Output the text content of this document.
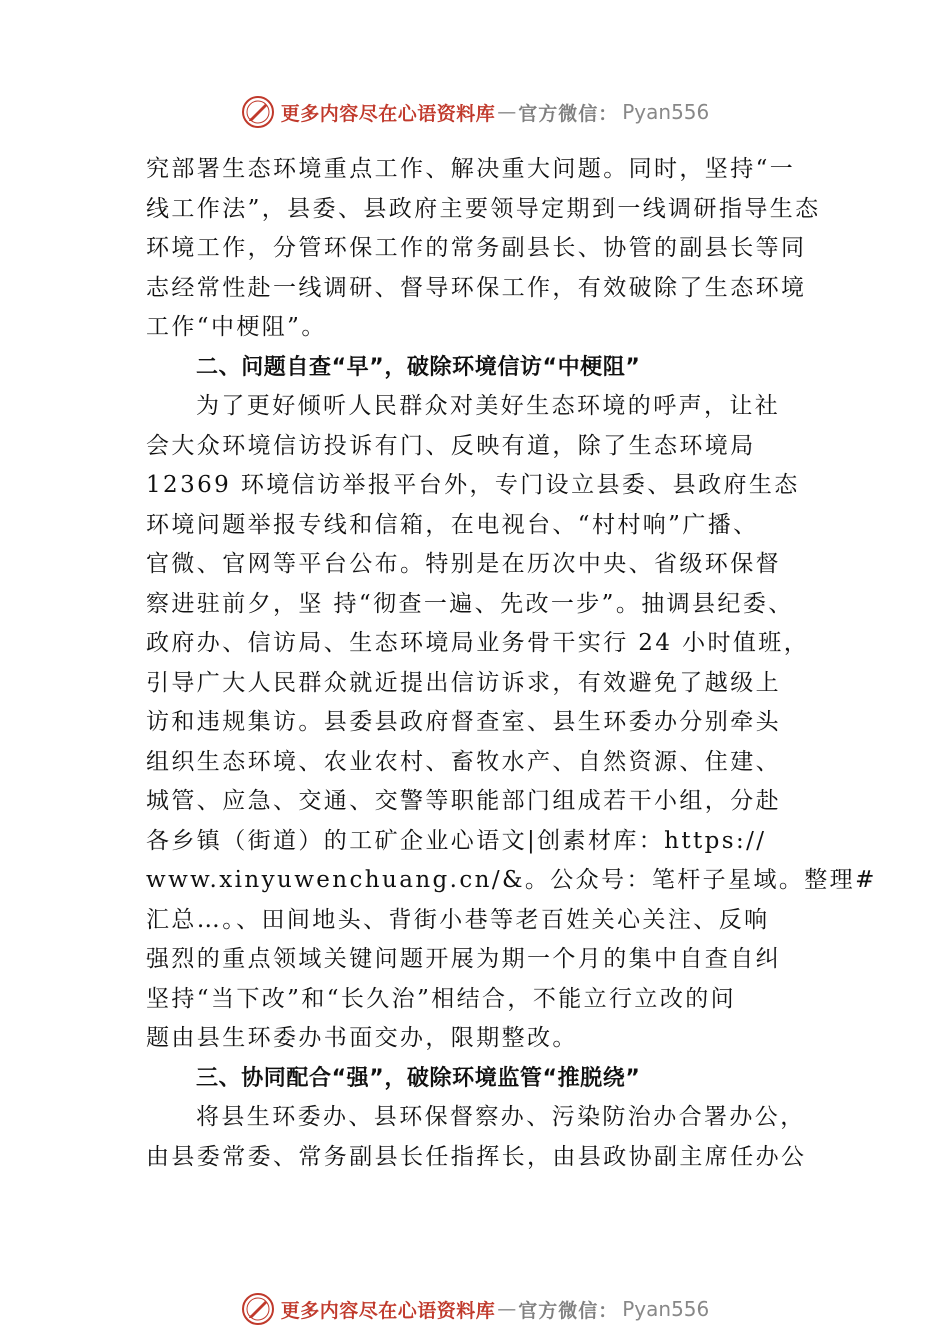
更多内容尽在心语资料库 — 官方微信： Pyan556

究部署生态环境重点工作、解决重大问题。同时，坚持“一

线工作法”，县委、县政府主要领导定期到一线调研指导生态

环境工作，分管环保工作的常务副县长、协管的副县长等同

志经常性赴一线调研、督导环保工作，有效破除了生态环境

工作“中梗阻”。

二、问题自查“早”，破除环境信访“中梗阻”

为了更好倾听人民群众对美好生态环境的呼声，让社

会大众环境信访投诉有门、反映有道，除了生态环境局

12369 环境信访举报平台外，专门设立县委、县政府生态

环境问题举报专线和信箱，在电视台、“村村响”广播、

官微、官网等平台公布。特别是在历次中央、省级环保督

察进驻前夕，坚 持“彻查一遍、先改一步”。抽调县纪委、

政府办、信访局、生态环境局业务骨干实行 24 小时值班，

引导广大人民群众就近提出信访诉求，有效避免了越级上

访和违规集访。县委县政府督查室、县生环委办分别牵头

组织生态环境、农业农村、畜牧水产、自然资源、住建、

城管、应急、交通、交警等职能部门组成若干小组，分赴

各乡镇（街道）的工矿企业心语文|创素材库：https://

www.xinyuwenchuang.cn/&。公众号：笔杆子星域。整理#

汇总…。、田间地头、背街小巷等老百姓关心关注、反响

强烈的重点领域关键问题开展为期一个月的集中自查自纠

坚持“当下改”和“长久治”相结合，不能立行立改的问

题由县生环委办书面交办，限期整改。

三、协同配合“强”，破除环境监管“推脱绕”

将县生环委办、县环保督察办、污染防治办合署办公，

由县委常委、常务副县长任指挥长，由县政协副主席任办公

更多内容尽在心语资料库 — 官方微信： Pyan556
